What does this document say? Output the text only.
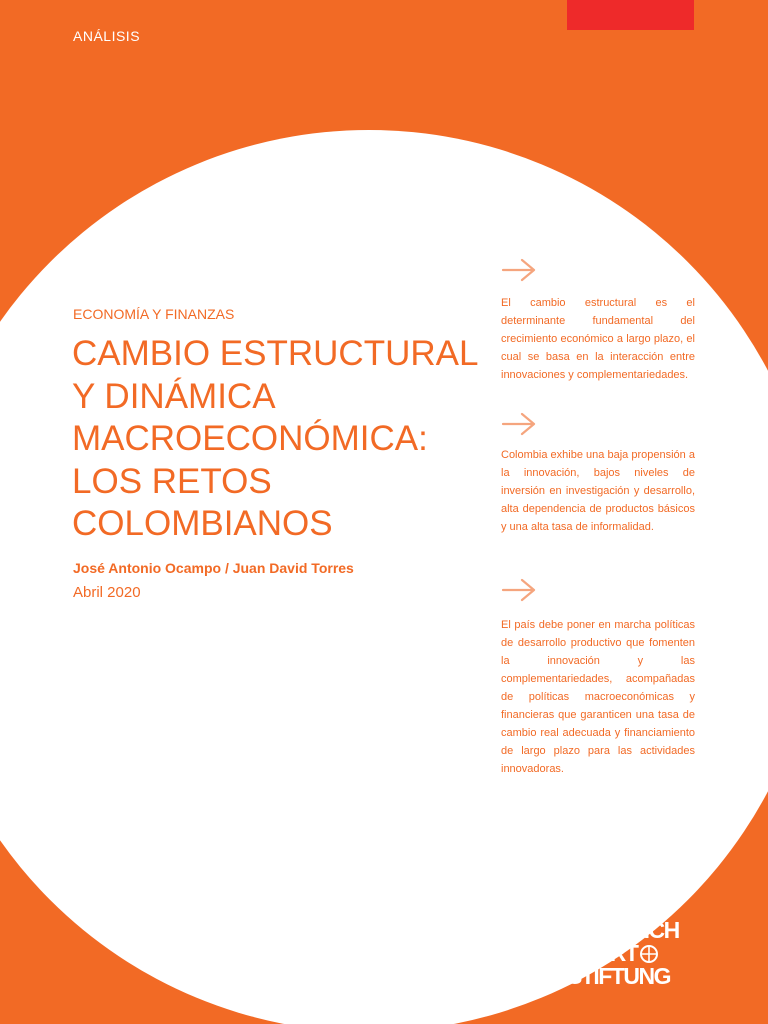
ANÁLISIS
ECONOMÍA Y FINANZAS
CAMBIO ESTRUCTURAL
Y DINÁMICA
MACROECONÓMICA:
LOS RETOS
COLOMBIANOS
José Antonio Ocampo / Juan David Torres
Abril 2020

El cambio estructural es el determinante fundamental del crecimiento económico a largo plazo, el cual se basa en la interacción entre innovaciones y complementariedades.

Colombia exhibe una baja propensión a la innovación, bajos niveles de inversión en investigación y desarrollo, alta dependencia de productos básicos y una alta tasa de informalidad.

El país debe poner en marcha políticas de desarrollo productivo que fomenten la innovación y las complementariedades, acompañadas de políticas macroeconómicas y financieras que garanticen una tasa de cambio real adecuada y financiamiento de largo plazo para las actividades innovadoras.

FRIEDRICH
EBERT
STIFTUNG
